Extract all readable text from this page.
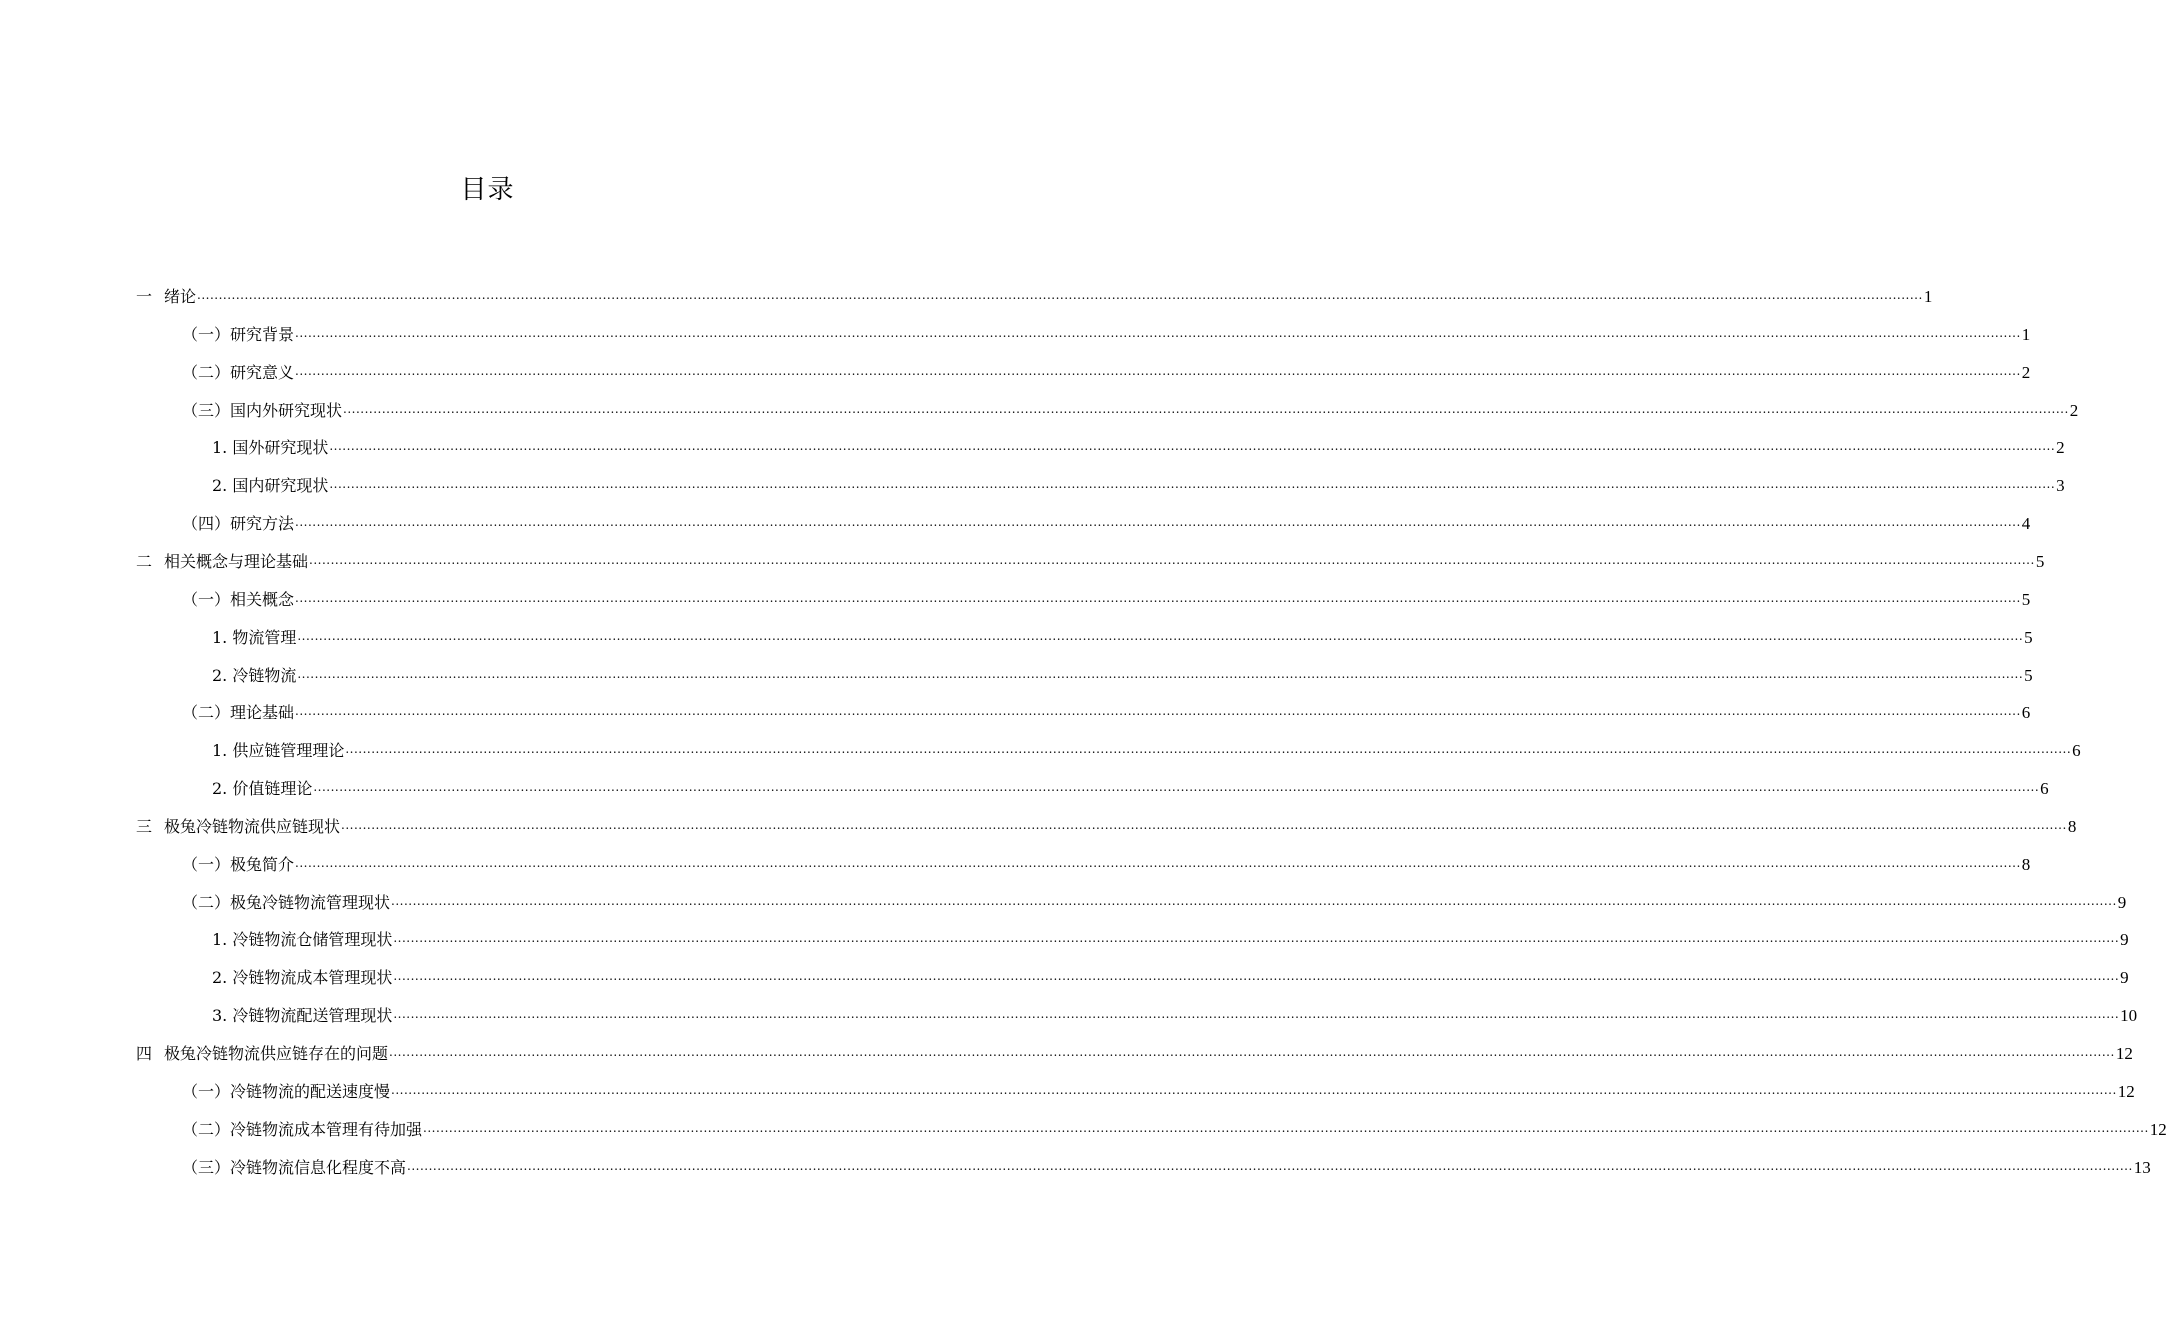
目录
一 绪论 ................................................................................................................................................................................................................................................................................................................................................................................................................ 1
（一）研究背景 ................................................................................................................................................................................................................................................................................................................................................................................................................ 1
（二）研究意义 ................................................................................................................................................................................................................................................................................................................................................................................................................ 2
（三）国内外研究现状 ................................................................................................................................................................................................................................................................................................................................................................................................................ 2
1. 国外研究现状 ................................................................................................................................................................................................................................................................................................................................................................................................................ 2
2. 国内研究现状 ................................................................................................................................................................................................................................................................................................................................................................................................................ 3
（四）研究方法 ................................................................................................................................................................................................................................................................................................................................................................................................................ 4
二 相关概念与理论基础 ................................................................................................................................................................................................................................................................................................................................................................................................................ 5
（一）相关概念 ................................................................................................................................................................................................................................................................................................................................................................................................................ 5
1. 物流管理 ................................................................................................................................................................................................................................................................................................................................................................................................................ 5
2. 冷链物流 ................................................................................................................................................................................................................................................................................................................................................................................................................ 5
（二）理论基础 ................................................................................................................................................................................................................................................................................................................................................................................................................ 6
1. 供应链管理理论 ................................................................................................................................................................................................................................................................................................................................................................................................................ 6
2. 价值链理论 ................................................................................................................................................................................................................................................................................................................................................................................................................ 6
三 极兔冷链物流供应链现状 ................................................................................................................................................................................................................................................................................................................................................................................................................ 8
（一）极兔简介 ................................................................................................................................................................................................................................................................................................................................................................................................................ 8
（二）极兔冷链物流管理现状 ................................................................................................................................................................................................................................................................................................................................................................................................................ 9
1. 冷链物流仓储管理现状 ................................................................................................................................................................................................................................................................................................................................................................................................................ 9
2. 冷链物流成本管理现状 ................................................................................................................................................................................................................................................................................................................................................................................................................ 9
3. 冷链物流配送管理现状 ................................................................................................................................................................................................................................................................................................................................................................................................................ 10
四 极兔冷链物流供应链存在的问题 ................................................................................................................................................................................................................................................................................................................................................................................................................ 12
（一）冷链物流的配送速度慢 ................................................................................................................................................................................................................................................................................................................................................................................................................ 12
（二）冷链物流成本管理有待加强 ................................................................................................................................................................................................................................................................................................................................................................................................................ 12
（三）冷链物流信息化程度不高 ................................................................................................................................................................................................................................................................................................................................................................................................................ 13
